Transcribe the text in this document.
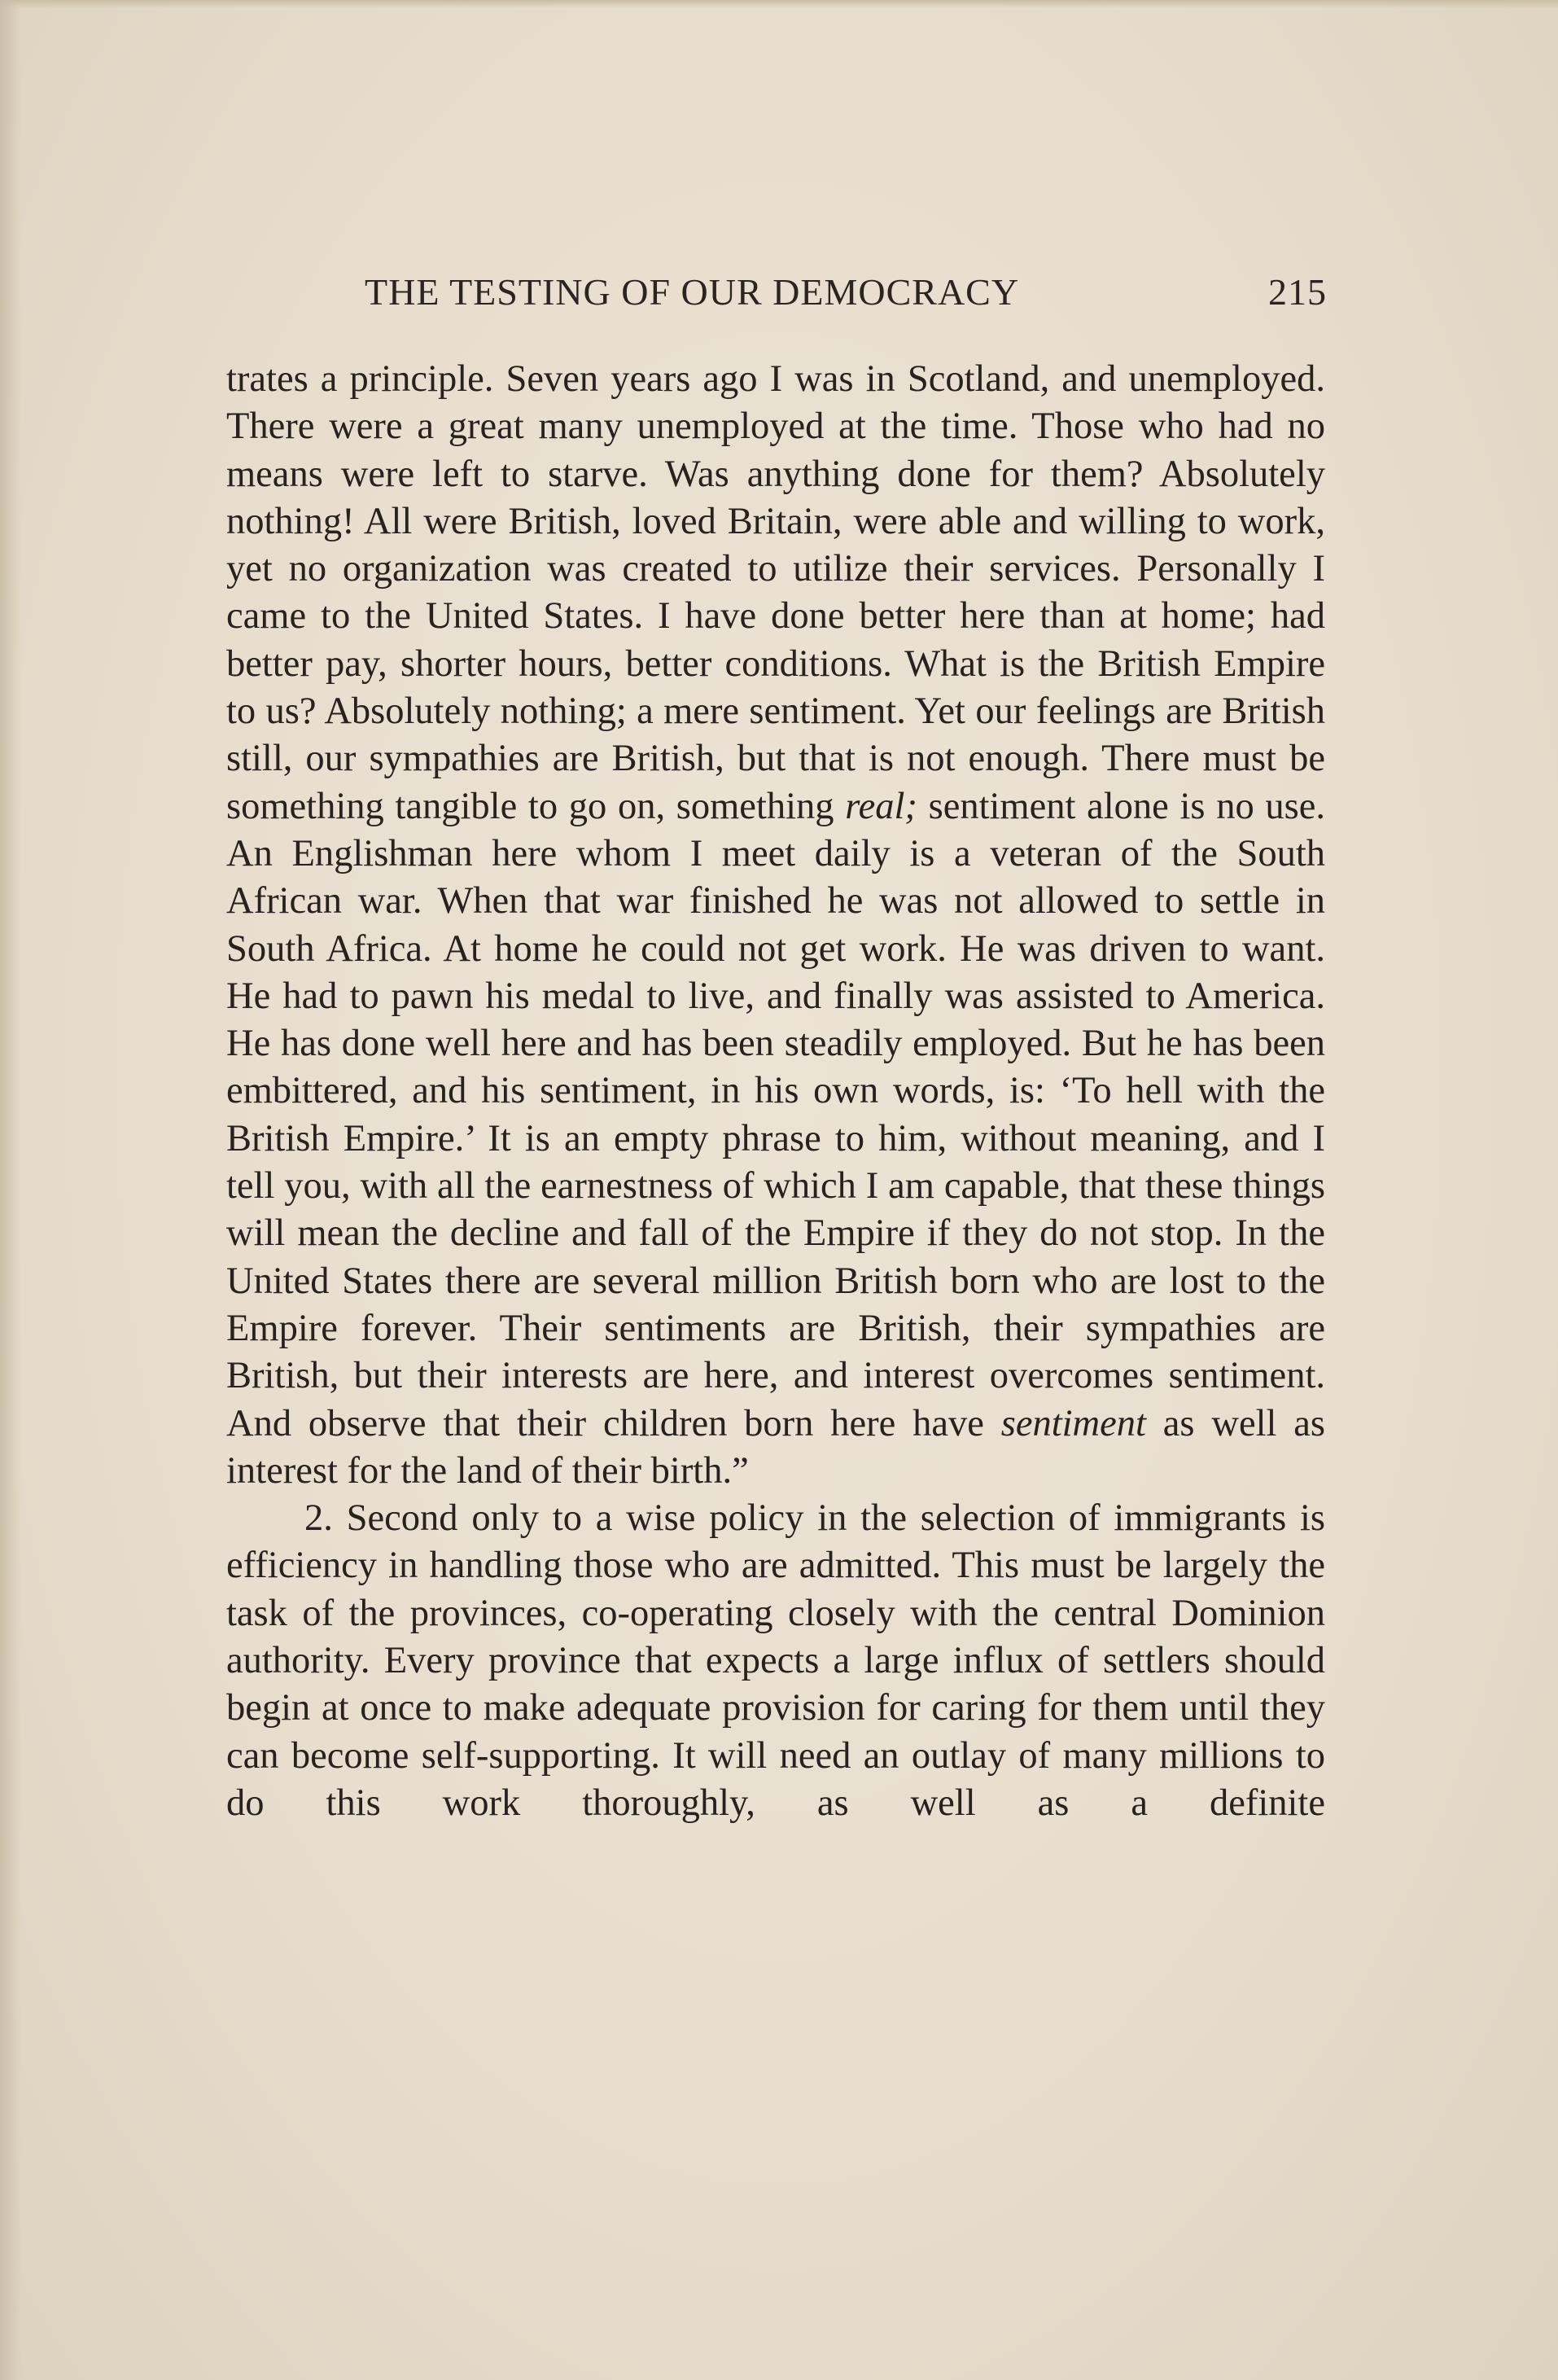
THE TESTING OF OUR DEMOCRACY	215

trates a principle. Seven years ago I was in Scotland, and unemployed. There were a great many unemployed at the time. Those who had no means were left to starve. Was anything done for them? Absolutely nothing! All were British, loved Britain, were able and willing to work, yet no organization was created to utilize their services. Personally I came to the United States. I have done better here than at home; had better pay, shorter hours, better conditions. What is the British Empire to us? Absolutely nothing; a mere sentiment. Yet our feelings are British still, our sympathies are British, but that is not enough. There must be something tangible to go on, something real; sentiment alone is no use. An Englishman here whom I meet daily is a veteran of the South African war. When that war finished he was not allowed to settle in South Africa. At home he could not get work. He was driven to want. He had to pawn his medal to live, and finally was assisted to America. He has done well here and has been steadily employed. But he has been embittered, and his sentiment, in his own words, is: ‘To hell with the British Empire.’ It is an empty phrase to him, without meaning, and I tell you, with all the earnestness of which I am capable, that these things will mean the decline and fall of the Empire if they do not stop. In the United States there are several million British born who are lost to the Empire forever. Their sentiments are British, their sympathies are British, but their interests are here, and interest overcomes sentiment. And observe that their children born here have sentiment as well as interest for the land of their birth.”

2. Second only to a wise policy in the selection of immigrants is efficiency in handling those who are admitted. This must be largely the task of the provinces, co-operating closely with the central Dominion authority. Every province that expects a large influx of settlers should begin at once to make adequate provision for caring for them until they can become self-supporting. It will need an outlay of many millions to do this work thoroughly, as well as a definite
